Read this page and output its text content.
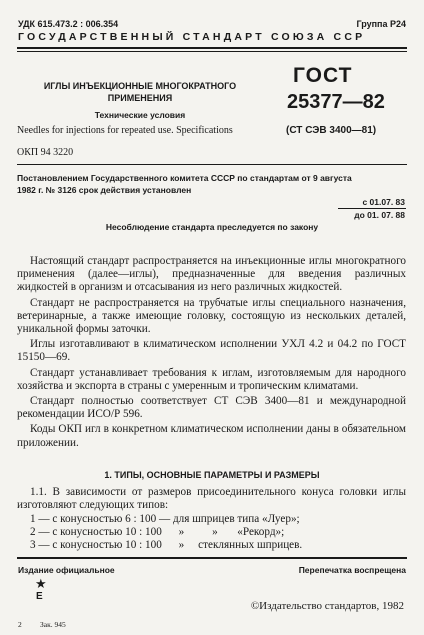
УДК 615.473.2 : 006.354	Группа Р24
ГОСУДАРСТВЕННЫЙ СТАНДАРТ СОЮЗА ССР
ИГЛЫ ИНЪЕКЦИОННЫЕ МНОГОКРАТНОГО
ПРИМЕНЕНИЯ
Технические условия
Needles for injections for repeated use. Specifications
ГОСТ
25377—82
(СТ СЭВ 3400—81)
ОКП 94 3220
Постановлением Государственного комитета СССР по стандартам от 9 августа
1982 г. № 3126 срок действия установлен
с 01.07. 83
до 01. 07. 88
Несоблюдение стандарта преследуется по закону

Настоящий стандарт распространяется на инъекционные иглы многократного применения (далее—иглы), предназначенные для введения различных жидкостей в организм и отсасывания из него различных жидкостей.

Стандарт не распространяется на трубчатые иглы специального назначения, ветеринарные, а также имеющие головку, состоящую из нескольких деталей, уникальной формы заточки.

Иглы изготавливают в климатическом исполнении УХЛ 4.2 и 04.2 по ГОСТ 15150—69.

Стандарт устанавливает требования к иглам, изготовляемым для народного хозяйства и экспорта в страны с умеренным и тропическим климатами.

Стандарт полностью соответствует СТ СЭВ 3400—81 и международной рекомендации ИСО/Р 596.

Коды ОКП игл в конкретном климатическом исполнении даны в обязательном приложении.

1. ТИПЫ, ОСНОВНЫЕ ПАРАМЕТРЫ И РАЗМЕРЫ

1.1. В зависимости от размеров присоединительного конуса головки иглы изготовляют следующих типов:

1 — с конусностью 6 : 100 — для шприцев типа «Луер»;
2 — с конусностью 10 : 100      »          »       «Рекорд»;
3 — с конусностью 10 : 100      »     стеклянных шприцев.
Издание официальное	Перепечатка воспрещена
★
Е
©Издательство стандартов, 1982
2 Зак. 945
